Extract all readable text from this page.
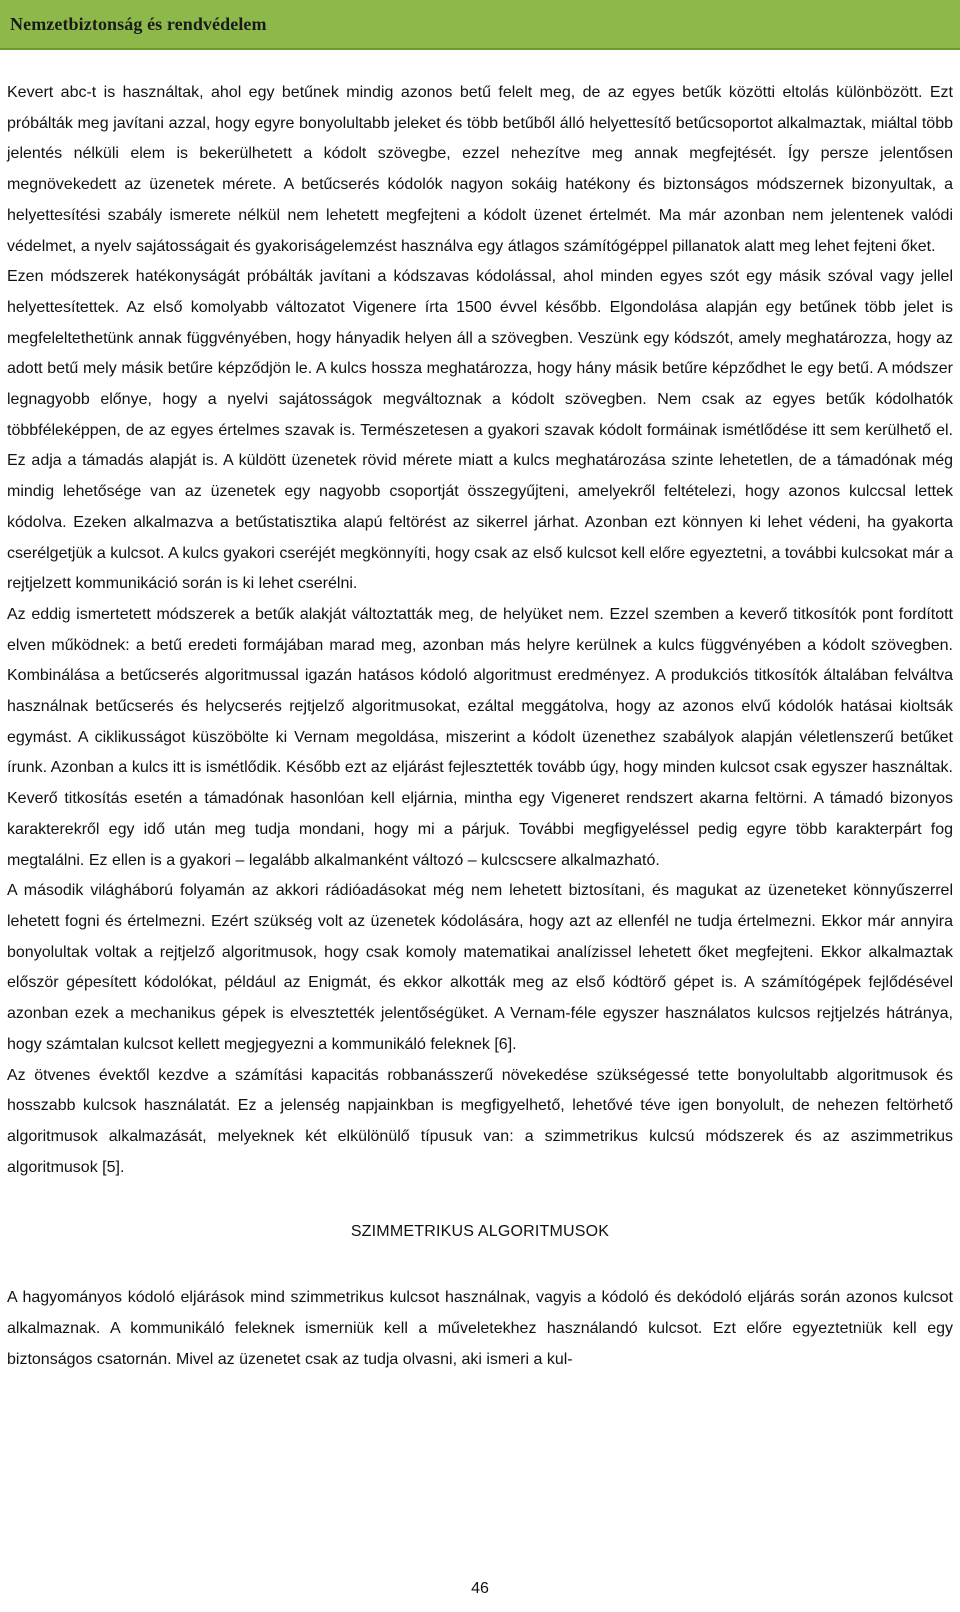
Nemzetbiztonság és rendvédelem

Kevert abc-t is használtak, ahol egy betűnek mindig azonos betű felelt meg, de az egyes betűk közötti eltolás különbözött. Ezt próbálták meg javítani azzal, hogy egyre bonyolultabb jeleket és több betűből álló helyettesítő betűcsoportot alkalmaztak, miáltal több jelentés nélküli elem is bekerülhetett a kódolt szövegbe, ezzel nehezítve meg annak megfejtését. Így persze jelentősen megnövekedett az üzenetek mérete. A betűcserés kódolók nagyon sokáig hatékony és biztonságos módszernek bizonyultak, a helyettesítési szabály ismerete nélkül nem lehetett megfejteni a kódolt üzenet értelmét. Ma már azonban nem jelentenek valódi védelmet, a nyelv sajátosságait és gyakoriságelemzést használva egy átlagos számítógéppel pillanatok alatt meg lehet fejteni őket.

Ezen módszerek hatékonyságát próbálták javítani a kódszavas kódolással, ahol minden egyes szót egy másik szóval vagy jellel helyettesítettek. Az első komolyabb változatot Vigenere írta 1500 évvel később. Elgondolása alapján egy betűnek több jelet is megfeleltethetünk annak függvényében, hogy hányadik helyen áll a szövegben. Veszünk egy kódszót, amely meghatározza, hogy az adott betű mely másik betűre képződjön le. A kulcs hossza meghatározza, hogy hány másik betűre képződhet le egy betű. A módszer legnagyobb előnye, hogy a nyelvi sajátosságok megváltoznak a kódolt szövegben. Nem csak az egyes betűk kódolhatók többféleképpen, de az egyes értelmes szavak is. Természetesen a gyakori szavak kódolt formáinak ismétlődése itt sem kerülhető el. Ez adja a támadás alapját is. A küldött üzenetek rövid mérete miatt a kulcs meghatározása szinte lehetetlen, de a támadónak még mindig lehetősége van az üzenetek egy nagyobb csoportját összegyűjteni, amelyekről feltételezi, hogy azonos kulccsal lettek kódolva. Ezeken alkalmazva a betűstatisztika alapú feltörést az sikerrel járhat. Azonban ezt könnyen ki lehet védeni, ha gyakorta cserélgetjük a kulcsot. A kulcs gyakori cseréjét megkönnyíti, hogy csak az első kulcsot kell előre egyeztetni, a további kulcsokat már a rejtjelzett kommunikáció során is ki lehet cserélni.

Az eddig ismertetett módszerek a betűk alakját változtatták meg, de helyüket nem. Ezzel szemben a keverő titkosítók pont fordított elven működnek: a betű eredeti formájában marad meg, azonban más helyre kerülnek a kulcs függvényében a kódolt szövegben. Kombinálása a betűcserés algoritmussal igazán hatásos kódoló algoritmust eredményez. A produkciós titkosítók általában felváltva használnak betűcserés és helycserés rejtjelző algoritmusokat, ezáltal meggátolva, hogy az azonos elvű kódolók hatásai kioltsák egymást. A ciklikusságot küszöbölte ki Vernam megoldása, miszerint a kódolt üzenethez szabályok alapján véletlenszerű betűket írunk. Azonban a kulcs itt is ismétlődik. Később ezt az eljárást fejlesztették tovább úgy, hogy minden kulcsot csak egyszer használtak. Keverő titkosítás esetén a támadónak hasonlóan kell eljárnia, mintha egy Vigeneret rendszert akarna feltörni. A támadó bizonyos karakterekről egy idő után meg tudja mondani, hogy mi a párjuk. További megfigyeléssel pedig egyre több karakterpárt fog megtalálni. Ez ellen is a gyakori – legalább alkalmanként változó – kulcscsere alkalmazható.

A második világháború folyamán az akkori rádióadásokat még nem lehetett biztosítani, és magukat az üzeneteket könnyűszerrel lehetett fogni és értelmezni. Ezért szükség volt az üzenetek kódolására, hogy azt az ellenfél ne tudja értelmezni. Ekkor már annyira bonyolultak voltak a rejtjelző algoritmusok, hogy csak komoly matematikai analízissel lehetett őket megfejteni. Ekkor alkalmaztak először gépesített kódolókat, például az Enigmát, és ekkor alkották meg az első kódtörő gépet is. A számítógépek fejlődésével azonban ezek a mechanikus gépek is elvesztették jelentőségüket. A Vernam-féle egyszer használatos kulcsos rejtjelzés hátránya, hogy számtalan kulcsot kellett megjegyezni a kommunikáló feleknek [6].

Az ötvenes évektől kezdve a számítási kapacitás robbanásszerű növekedése szükségessé tette bonyolultabb algoritmusok és hosszabb kulcsok használatát. Ez a jelenség napjainkban is megfigyelhető, lehetővé téve igen bonyolult, de nehezen feltörhető algoritmusok alkalmazását, melyeknek két elkülönülő típusuk van: a szimmetrikus kulcsú módszerek és az aszimmetrikus algoritmusok [5].

SZIMMETRIKUS ALGORITMUSOK

A hagyományos kódoló eljárások mind szimmetrikus kulcsot használnak, vagyis a kódoló és dekódoló eljárás során azonos kulcsot alkalmaznak. A kommunikáló feleknek ismerniük kell a műveletekhez használandó kulcsot. Ezt előre egyeztetniük kell egy biztonságos csatornán. Mivel az üzenetet csak az tudja olvasni, aki ismeri a kul-

46
